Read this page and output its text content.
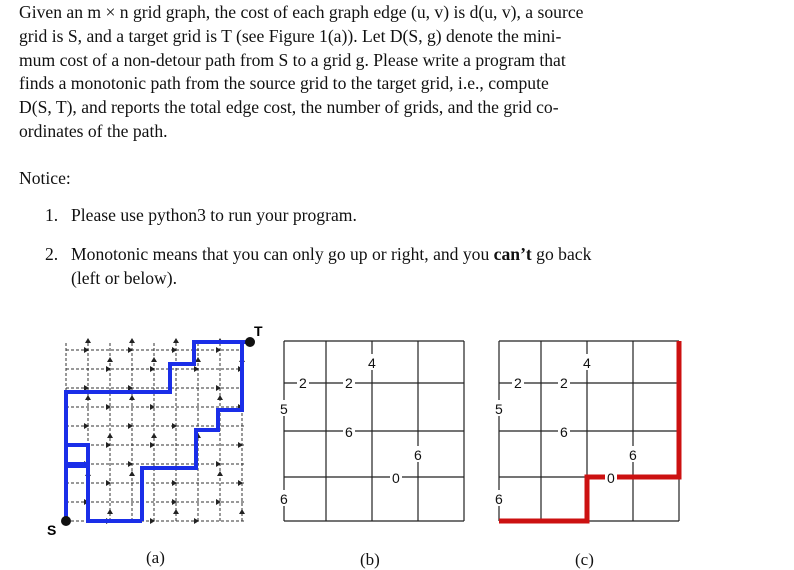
Given an m × n grid graph, the cost of each graph edge (u, v) is d(u, v), a source
grid is S, and a target grid is T (see Figure 1(a)). Let D(S, g) denote the mini-
mum cost of a non-detour path from S to a grid g. Please write a program that
finds a monotonic path from the source grid to the target grid, i.e., compute
D(S, T), and reports the total edge cost, the number of grids, and the grid co-
ordinates of the path.
Notice:
1. Please use python3 to run your program.
2. Monotonic means that you can only go up or right, and you can’t go back
(left or below).
S
T
2	2
4
5
6
6
0
6
2	2
4
5
6
6
0
6
(a)	(b)	(c)
